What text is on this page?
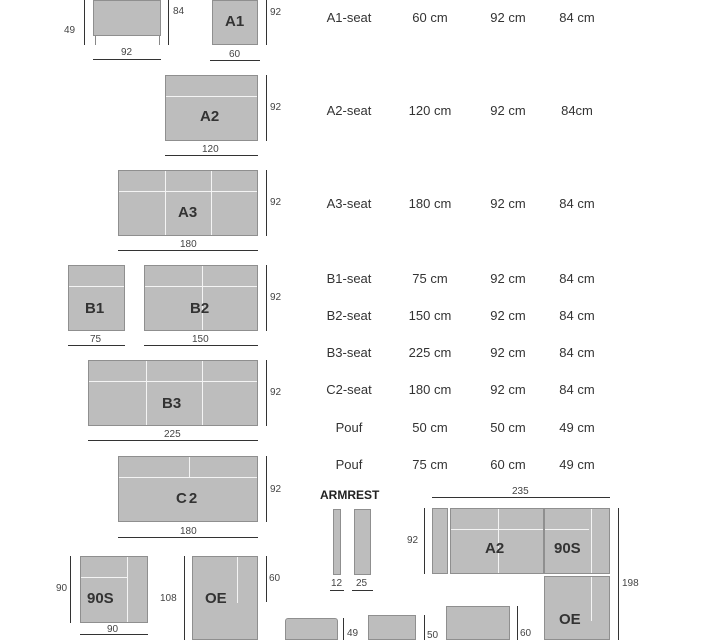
49
84
92
A1
92
60
A2
92
120
A3
92
180
B1
75
B2
92
150
B3
92
225
C2
92
180
90S
90
90
108 OE
60
49	50	60
A1-seat	60 cm	92 cm	84 cm
A2-seat	120 cm	92 cm	84cm
A3-seat	180 cm	92 cm	84 cm
B1-seat	75 cm	92 cm	84 cm
B2-seat	150 cm	92 cm	84 cm
B3-seat	225 cm	92 cm	84 cm
C2-seat	180 cm	92 cm	84 cm
Pouf	50 cm	50 cm	49 cm
Pouf	75 cm	60 cm	49 cm
ARMREST
12 25
235
92	A2	90S
OE
198
